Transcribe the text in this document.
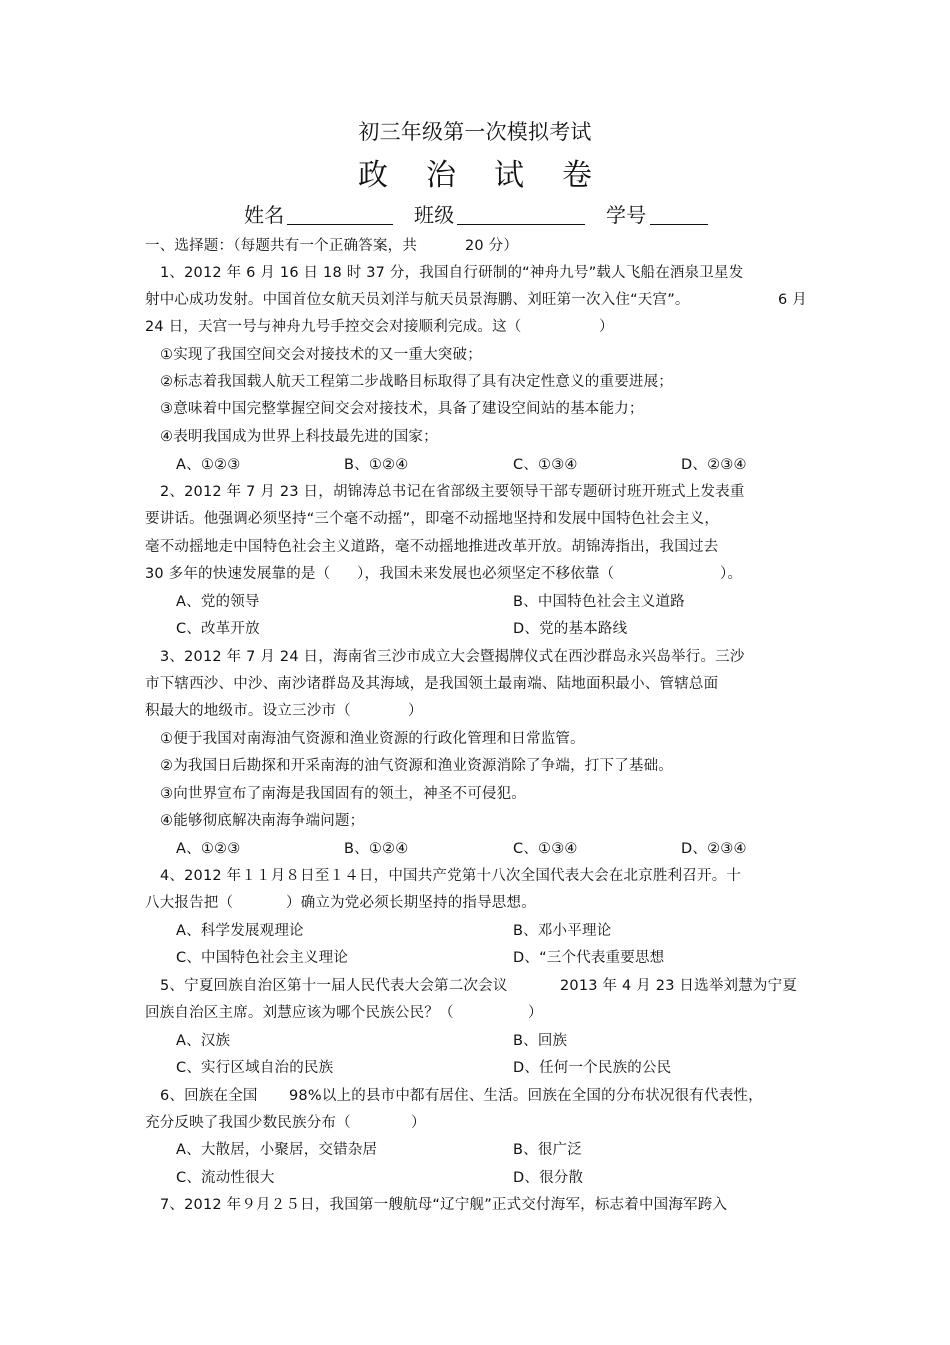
初三年级第一次模拟考试
政治试卷
姓名	班级	学号
一、选择题：（每题共有一个正确答案，共	20 分）
1、2012 年 6 月 16 日 18 时 37 分，我国自行研制的“神舟九号”载人飞船在酒泉卫星发
射中心成功发射。中国首位女航天员刘洋与航天员景海鹏、刘旺第一次入住“天宫”。	6 月
24 日，天宫一号与神舟九号手控交会对接顺利完成。这（	）
①实现了我国空间交会对接技术的又一重大突破；
②标志着我国载人航天工程第二步战略目标取得了具有决定性意义的重要进展；
③意味着中国完整掌握空间交会对接技术，具备了建设空间站的基本能力；
④表明我国成为世界上科技最先进的国家；
A、①②③	B、①②④	C、①③④	D、②③④
2、2012 年 7 月 23 日，胡锦涛总书记在省部级主要领导干部专题研讨班开班式上发表重
要讲话。他强调必须坚持“三个毫不动摇”，即毫不动摇地坚持和发展中国特色社会主义，
毫不动摇地走中国特色社会主义道路，毫不动摇地推进改革开放。胡锦涛指出，我国过去
30 多年的快速发展靠的是（ ），我国未来发展也必须坚定不移依靠（	）。
A、党的领导	B、中国特色社会主义道路
C、改革开放	D、党的基本路线
3、2012 年 7 月 24 日，海南省三沙市成立大会暨揭牌仪式在西沙群岛永兴岛举行。三沙
市下辖西沙、中沙、南沙诸群岛及其海域，是我国领土最南端、陆地面积最小、管辖总面
积最大的地级市。设立三沙市（	）
①便于我国对南海油气资源和渔业资源的行政化管理和日常监管。
②为我国日后勘探和开采南海的油气资源和渔业资源消除了争端，打下了基础。
③向世界宣布了南海是我国固有的领土，神圣不可侵犯。
④能够彻底解决南海争端问题；
A、①②③	B、①②④	C、①③④	D、②③④
4、2012 年１１月８日至１４日，中国共产党第十八次全国代表大会在北京胜利召开。十
八大报告把（	）确立为党必须长期坚持的指导思想。
A、科学发展观理论	B、邓小平理论
C、中国特色社会主义理论	D、“三个代表重要思想
5、宁夏回族自治区第十一届人民代表大会第二次会议	2013 年 4 月 23 日选举刘慧为宁夏
回族自治区主席。刘慧应该为哪个民族公民？（	）
A、汉族	B、回族
C、实行区域自治的民族	D、任何一个民族的公民
6、回族在全国 98%以上的县市中都有居住、生活。回族在全国的分布状况很有代表性，
充分反映了我国少数民族分布（	）
A、大散居，小聚居，交错杂居	B、很广泛
C、流动性很大	D、很分散
7、2012 年９月２５日，我国第一艘航母“辽宁舰”正式交付海军，标志着中国海军跨入
